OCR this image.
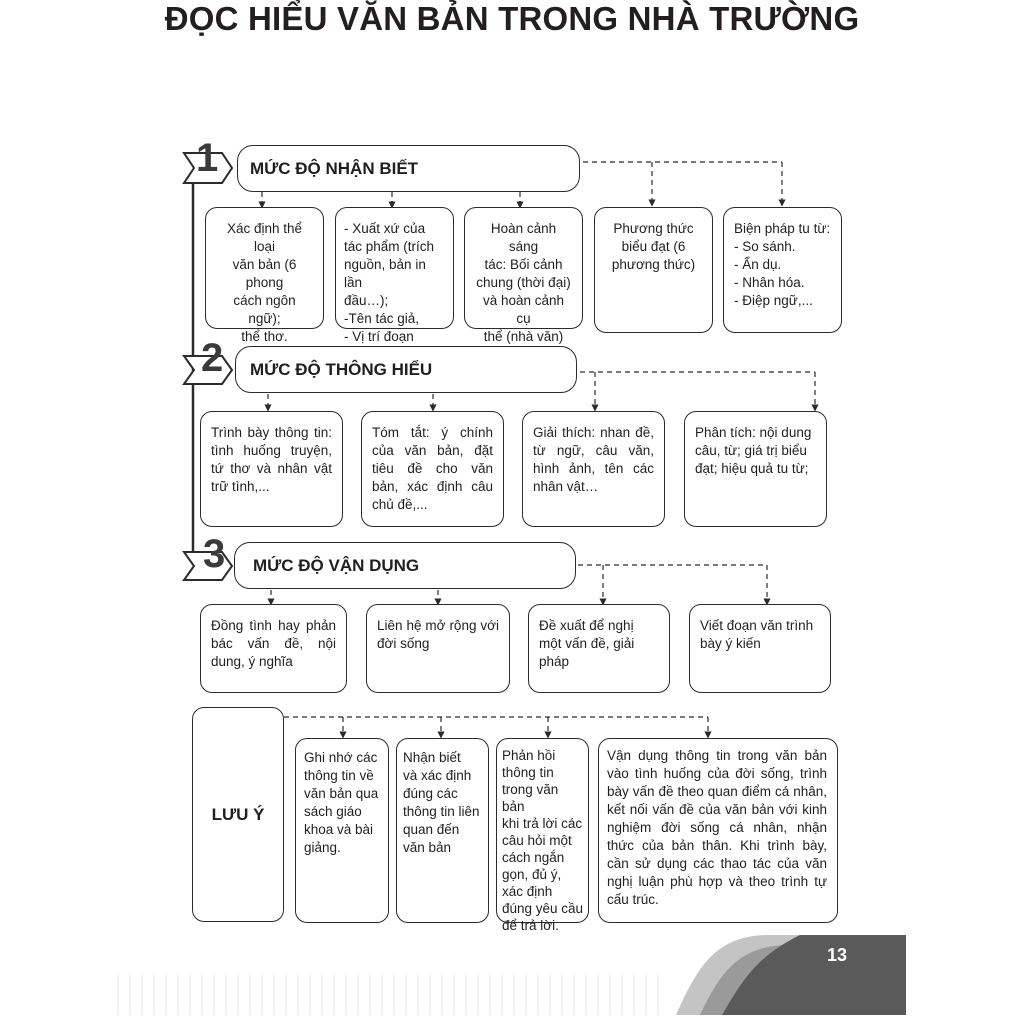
ĐỌC HIỂU VĂN BẢN TRONG NHÀ TRƯỜNG
1
2
3
MỨC ĐỘ NHẬN BIẾT
Xác định thể loại
văn bản (6 phong
cách ngôn ngữ);
thể thơ.
- Xuất xứ của
tác phẩm (trích
nguồn, bản in lần
đầu…);
-Tên tác giả,
- Vị trí đoạn
Hoàn cảnh sáng
tác: Bối cảnh
chung (thời đại)
và hoàn cảnh cụ
thể (nhà văn)
Phương thức
biểu đạt (6
phương thức)
Biện pháp tu từ:
- So sánh.
- Ẩn dụ.
- Nhân hóa.
- Điệp ngữ,...
MỨC ĐỘ THÔNG HIỂU
Trình bày thông tin: tình huống truyện, tứ thơ và nhân vật trữ tình,...
Tóm tắt: ý chính của văn bản, đặt tiêu đề cho văn bản, xác định câu chủ đề,...
Giải thích: nhan đề, từ ngữ, câu văn, hình ảnh, tên các nhân vật…
Phân tích: nội dung câu, từ; giá trị biểu đạt; hiệu quả tu từ;
MỨC ĐỘ VẬN DỤNG
Đồng tình hay phản bác vấn đề, nội dung, ý nghĩa
Liên hệ mở rộng với đời sống
Đề xuất để nghị một vấn đề, giải pháp
Viết đoạn văn trình bày ý kiến
LƯU Ý
Ghi nhớ các
thông tin về
văn bản qua
sách giáo
khoa và bài
giảng.
Nhận biết
và xác định
đúng các
thông tin liên
quan đến
văn bản
Phản hồi
thông tin
trong văn bản
khi trả lời các
câu hỏi một
cách ngắn
gọn, đủ ý,
xác định
đúng yêu cầu
để trả lời.
Vận dụng thông tin trong văn bản vào tình huống của đời sống, trình bày vấn đề theo quan điểm cá nhân, kết nối vấn đề của văn bản với kinh nghiệm đời sống cá nhân, nhận thức của bản thân. Khi trình bày, cần sử dụng các thao tác của văn nghị luận phù hợp và theo trình tự cấu trúc.
13
